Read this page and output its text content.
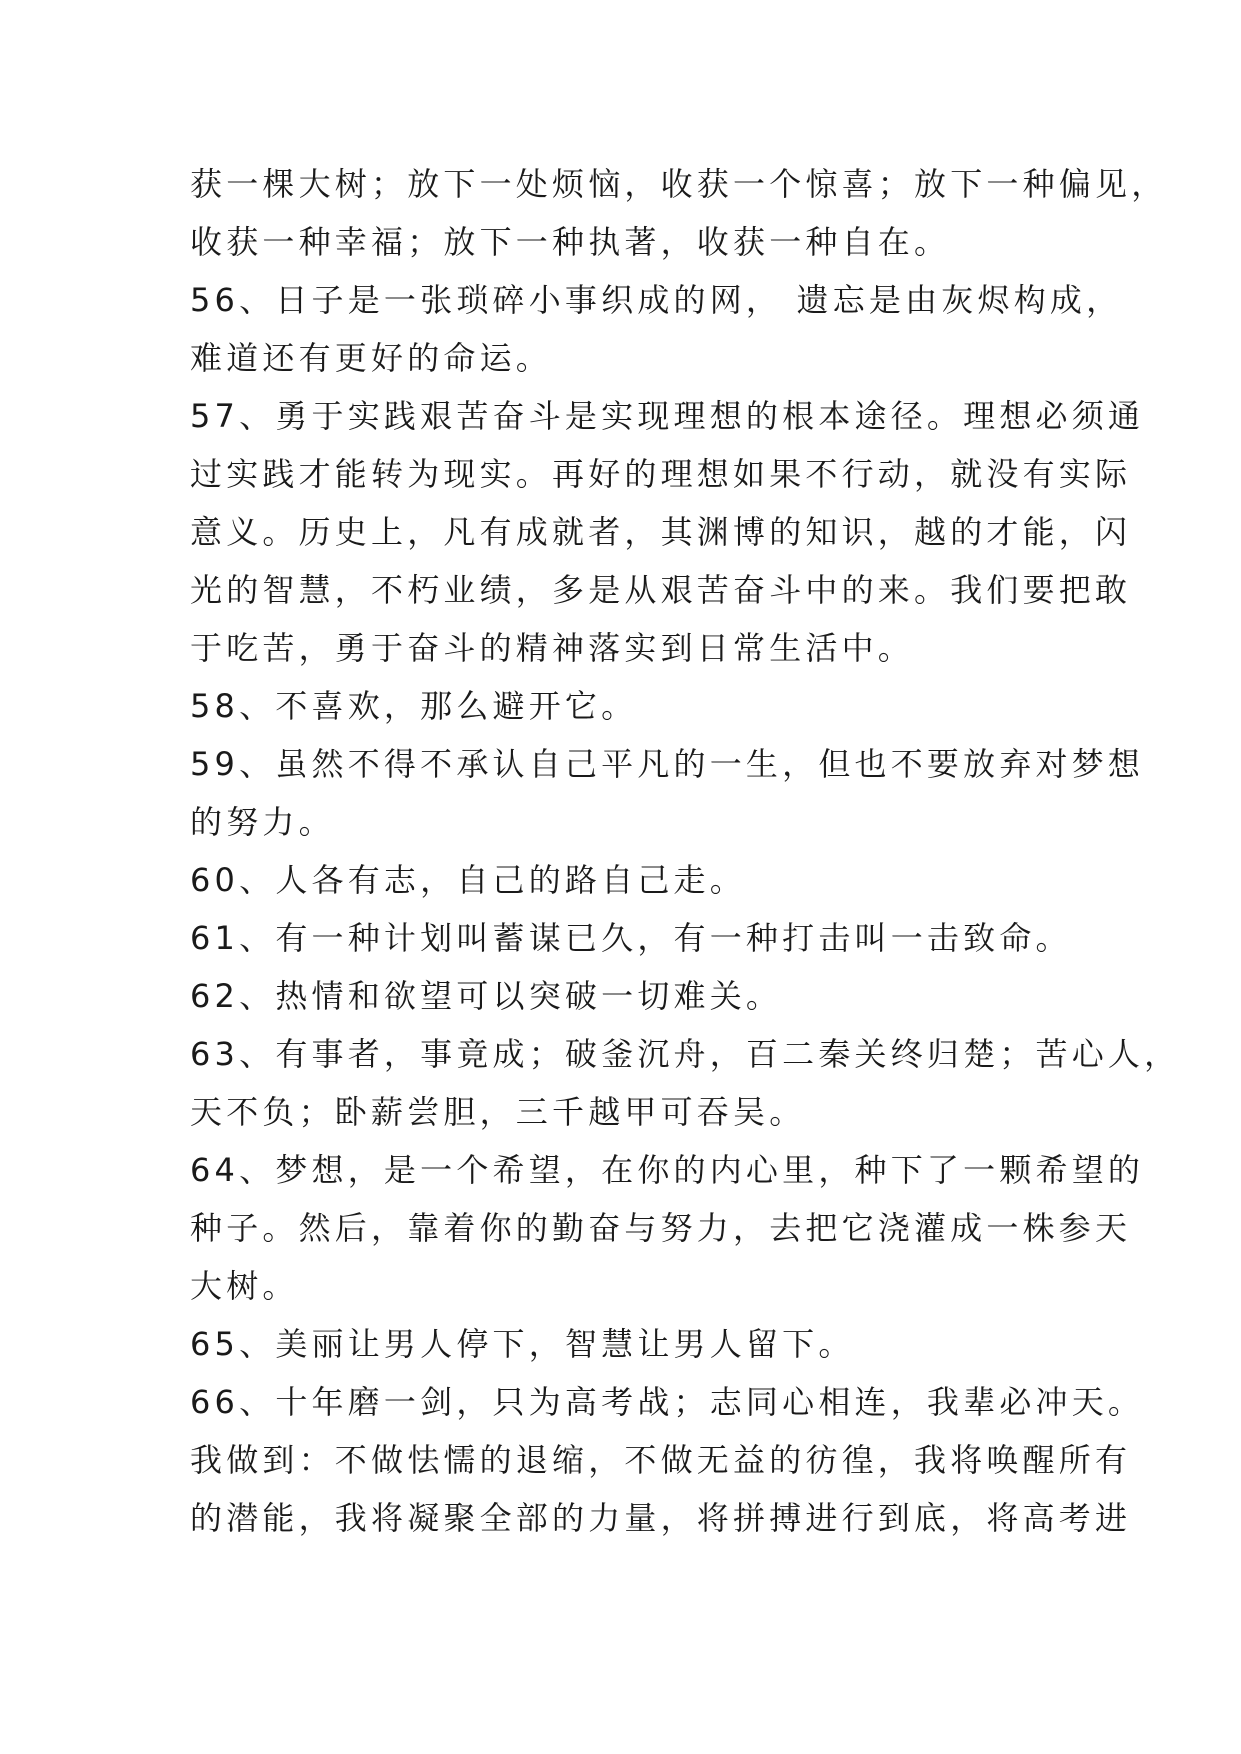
获一棵大树；放下一处烦恼，收获一个惊喜；放下一种偏见，
收获一种幸福；放下一种执著，收获一种自在。
56、日子是一张琐碎小事织成的网， 遗忘是由灰烬构成，
难道还有更好的命运。
57、勇于实践艰苦奋斗是实现理想的根本途径。理想必须通
过实践才能转为现实。再好的理想如果不行动，就没有实际
意义。历史上，凡有成就者，其渊博的知识，越的才能，闪
光的智慧，不朽业绩，多是从艰苦奋斗中的来。我们要把敢
于吃苦，勇于奋斗的精神落实到日常生活中。
58、不喜欢，那么避开它。
59、虽然不得不承认自己平凡的一生，但也不要放弃对梦想
的努力。
60、人各有志，自己的路自己走。
61、有一种计划叫蓄谋已久，有一种打击叫一击致命。
62、热情和欲望可以突破一切难关。
63、有事者，事竟成；破釜沉舟，百二秦关终归楚；苦心人，
天不负；卧薪尝胆，三千越甲可吞吴。
64、梦想，是一个希望，在你的内心里，种下了一颗希望的
种子。然后，靠着你的勤奋与努力，去把它浇灌成一株参天
大树。
65、美丽让男人停下，智慧让男人留下。
66、十年磨一剑，只为高考战；志同心相连，我辈必冲天。
我做到：不做怯懦的退缩，不做无益的彷徨，我将唤醒所有
的潜能，我将凝聚全部的力量，将拼搏进行到底，将高考进
